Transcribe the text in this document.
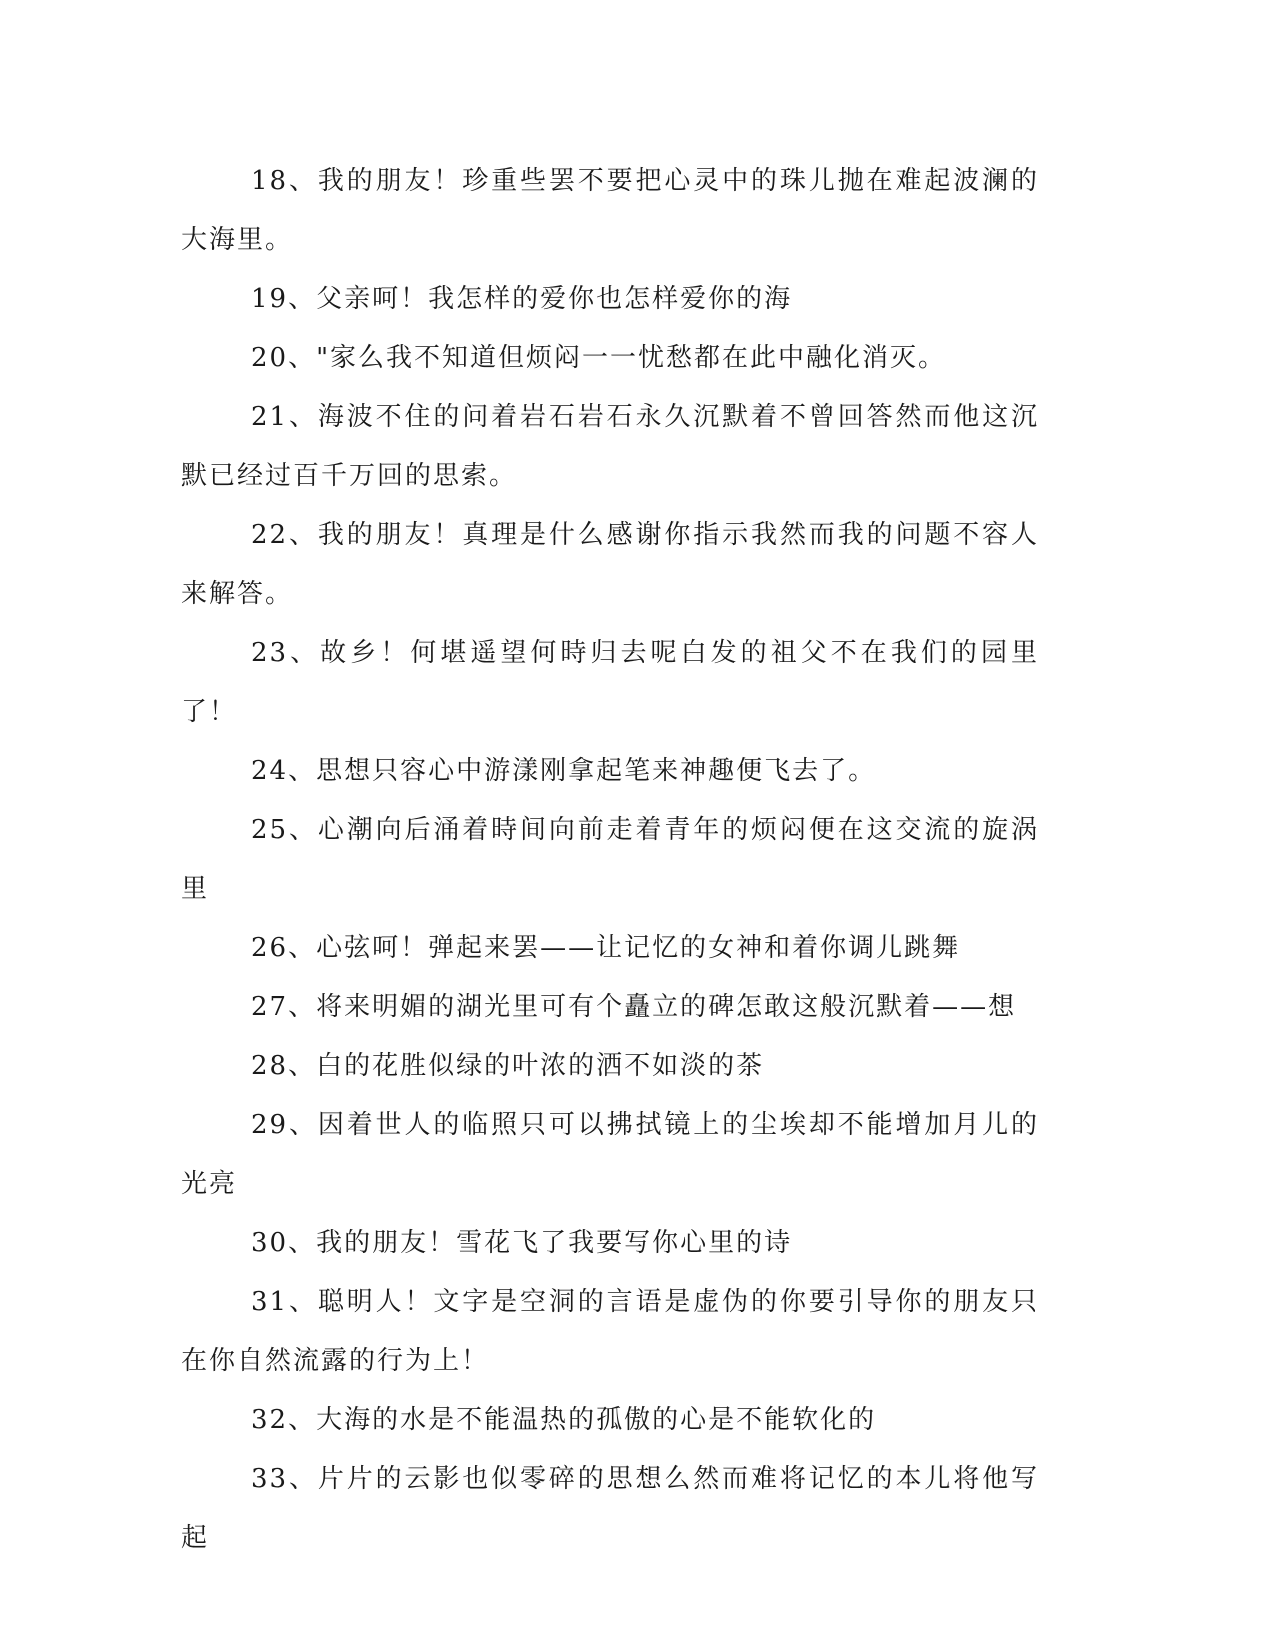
18、我的朋友！珍重些罢不要把心灵中的珠儿抛在难起波澜的大海里。

19、父亲呵！我怎样的爱你也怎样爱你的海

20、"家么我不知道但烦闷一一忧愁都在此中融化消灭。

21、海波不住的问着岩石岩石永久沉默着不曾回答然而他这沉默已经过百千万回的思索。

22、我的朋友！真理是什么感谢你指示我然而我的问题不容人来解答。

23、故乡！何堪遥望何時归去呢白发的祖父不在我们的园里了！

24、思想只容心中游漾刚拿起笔来神趣便飞去了。

25、心潮向后涌着時间向前走着青年的烦闷便在这交流的旋涡里

26、心弦呵！弹起来罢——让记忆的女神和着你调儿跳舞

27、将来明媚的湖光里可有个矗立的碑怎敢这般沉默着——想

28、白的花胜似绿的叶浓的洒不如淡的茶

29、因着世人的临照只可以拂拭镜上的尘埃却不能增加月儿的光亮

30、我的朋友！雪花飞了我要写你心里的诗

31、聪明人！文字是空洞的言语是虚伪的你要引导你的朋友只在你自然流露的行为上！

32、大海的水是不能温热的孤傲的心是不能软化的

33、片片的云影也似零碎的思想么然而难将记忆的本儿将他写起
